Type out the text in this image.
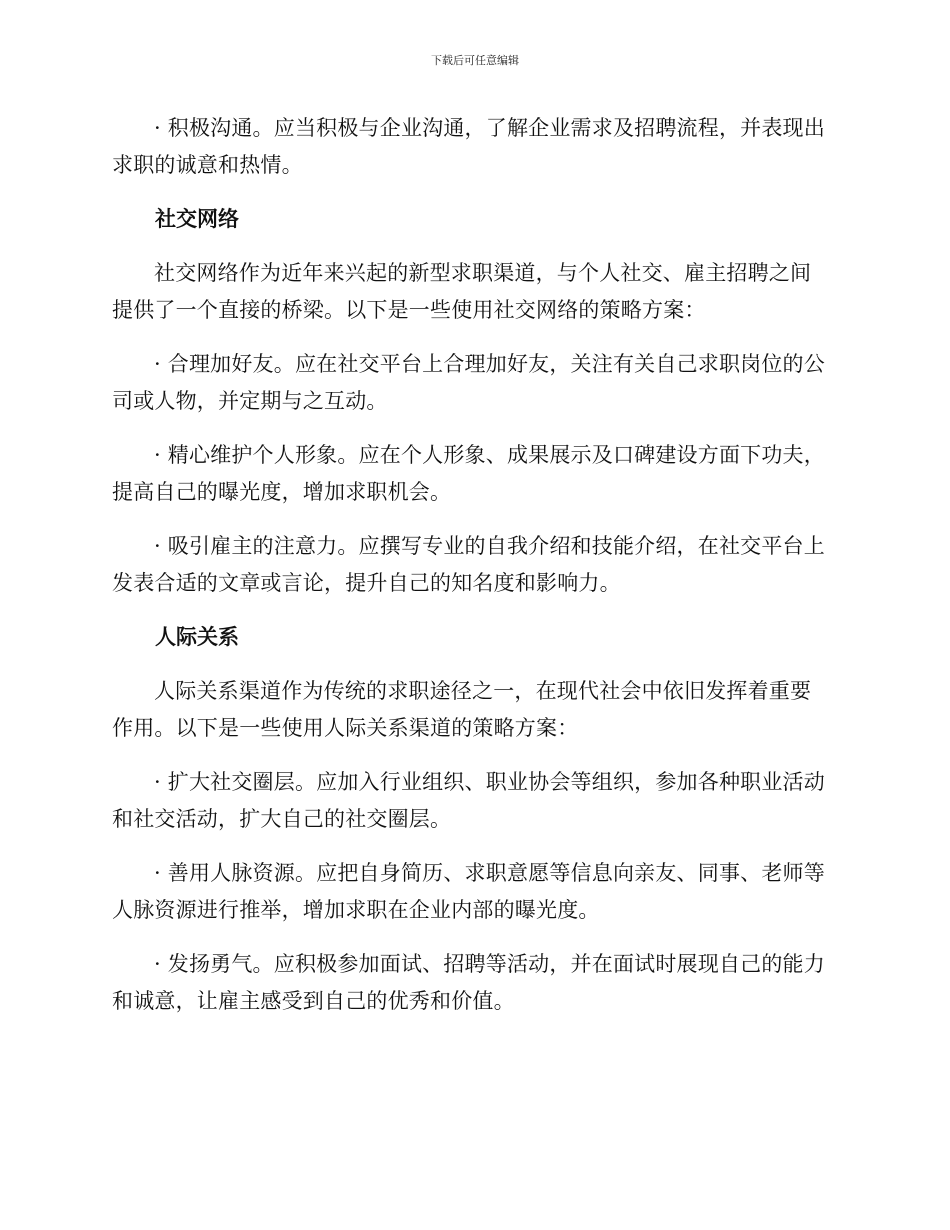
下载后可任意编辑

· 积极沟通。应当积极与企业沟通，了解企业需求及招聘流程，并表现出求职的诚意和热情。

社交网络

社交网络作为近年来兴起的新型求职渠道，与个人社交、雇主招聘之间提供了一个直接的桥梁。以下是一些使用社交网络的策略方案：

· 合理加好友。应在社交平台上合理加好友，关注有关自己求职岗位的公司或人物，并定期与之互动。

· 精心维护个人形象。应在个人形象、成果展示及口碑建设方面下功夫，提高自己的曝光度，增加求职机会。

· 吸引雇主的注意力。应撰写专业的自我介绍和技能介绍，在社交平台上发表合适的文章或言论，提升自己的知名度和影响力。

人际关系

人际关系渠道作为传统的求职途径之一，在现代社会中依旧发挥着重要作用。以下是一些使用人际关系渠道的策略方案：

· 扩大社交圈层。应加入行业组织、职业协会等组织，参加各种职业活动和社交活动，扩大自己的社交圈层。

· 善用人脉资源。应把自身简历、求职意愿等信息向亲友、同事、老师等人脉资源进行推举，增加求职在企业内部的曝光度。

· 发扬勇气。应积极参加面试、招聘等活动，并在面试时展现自己的能力和诚意，让雇主感受到自己的优秀和价值。
